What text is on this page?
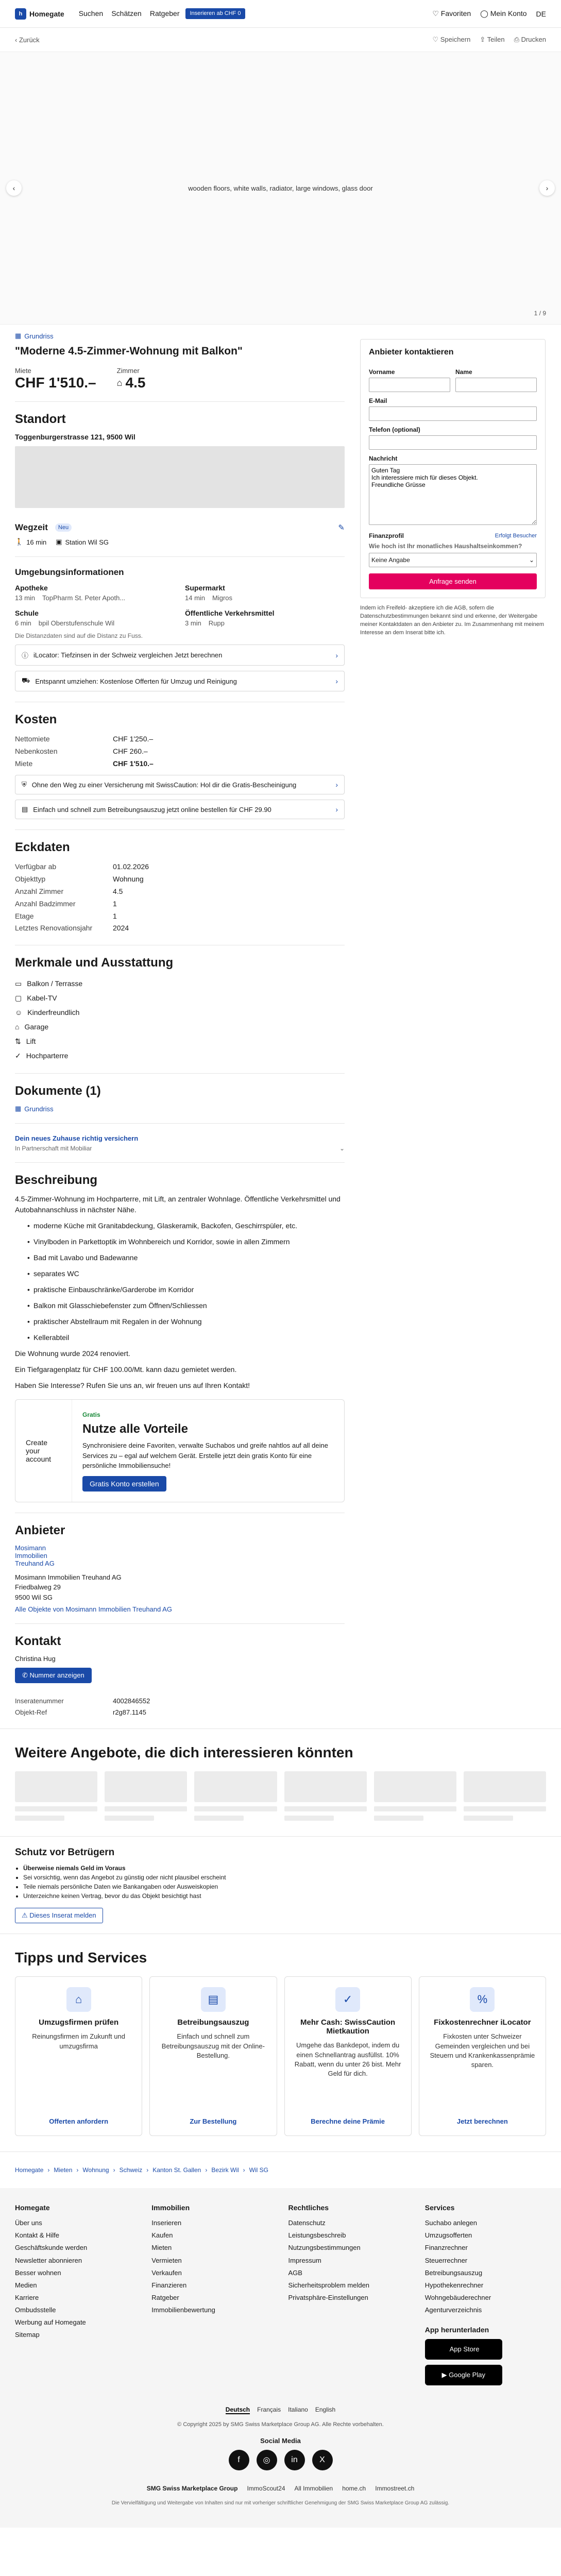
h Homegate Suchen Schätzen Ratgeber	Inserieren ab CHF 0	♡ Favoriten ◯ Mein Konto DE
‹ Zurück	♡ Speichern ⇪ Teilen ⎙ Drucken
wooden floors, white walls, radiator, large windows, glass door
‹	›
1 / 9
▦ Grundriss
"Moderne 4.5-Zimmer-Wohnung mit Balkon"
Miete
CHF 1'510.–
Zimmer
⌂ 4.5
Standort
Toggenburgerstrasse 121, 9500 Wil
Wegzeit	Neu	✎
🚶 16 min ▣ Station Wil SG
Umgebungsinformationen
Apotheke
13 min TopPharm St. Peter Apoth...
Supermarkt
14 min Migros
Schule
6 min bpil Oberstufenschule Wil
Öffentliche Verkehrsmittel
3 min Rupp
Die Distanzdaten sind auf die Distanz zu Fuss.
ⓘ iLocator: Tiefzinsen in der Schweiz vergleichen Jetzt berechnen	›
⛟ Entspannt umziehen: Kostenlose Offerten für Umzug und Reinigung	›
Kosten
Nettomiete	CHF 1'250.–
Nebenkosten	CHF 260.–
Miete	CHF 1'510.–
⛨ Ohne den Weg zu einer Versicherung mit SwissCaution: Hol dir die Gratis-Bescheinigung	›
▤ Einfach und schnell zum Betreibungsauszug jetzt online bestellen für CHF 29.90	›
Eckdaten
Verfügbar ab	01.02.2026
Objekttyp	Wohnung
Anzahl Zimmer	4.5
Anzahl Badzimmer	1
Etage	1
Letztes Renovationsjahr	2024
Merkmale und Ausstattung
▭ Balkon / Terrasse
▢ Kabel-TV
☺ Kinderfreundlich
⌂ Garage
⇅ Lift
✓ Hochparterre
Dokumente (1)
▦ Grundriss
Dein neues Zuhause richtig versichern
In Partnerschaft mit Mobiliar	⌄
Beschreibung

4.5-Zimmer-Wohnung im Hochparterre, mit Lift, an zentraler Wohnlage. Öffentliche Verkehrsmittel und Autobahnanschluss in nächster Nähe.

• moderne Küche mit Granitabdeckung, Glaskeramik, Backofen, Geschirrspüler, etc.
• Vinylboden in Parkettoptik im Wohnbereich und Korridor, sowie in allen Zimmern
• Bad mit Lavabo und Badewanne
• separates WC
• praktische Einbauschränke/Garderobe im Korridor
• Balkon mit Glasschiebefenster zum Öffnen/Schliessen
• praktischer Abstellraum mit Regalen in der Wohnung
• Kellerabteil

Die Wohnung wurde 2024 renoviert.

Ein Tiefgaragenplatz für CHF 100.00/Mt. kann dazu gemietet werden.

Haben Sie Interesse? Rufen Sie uns an, wir freuen uns auf Ihren Kontakt!

Create your account
Gratis
Nutze alle Vorteile

Synchronisiere deine Favoriten, verwalte Suchabos und greife nahtlos auf all deine Services zu – egal auf welchem Gerät. Erstelle jetzt dein gratis Konto für eine persönliche Immobiliensuche!

Gratis Konto erstellen
Anbieter
Mosimann Immobilien Treuhand AG
Mosimann Immobilien Treuhand AG
Friedbalweg 29
9500 Wil SG
Alle Objekte von Mosimann Immobilien Treuhand AG
Kontakt
Christina Hug
✆ Nummer anzeigen
Inseratenummer	4002846552
Objekt-Ref	r2g87.1145
Anbieter kontaktieren
Vorname	Name
E-Mail
Telefon (optional)
Nachricht
Guten Tag Ich interessiere mich für dieses Objekt. Freundliche Grüsse
Finanzprofil	Erfolgt Besucher
Wie hoch ist Ihr monatliches Haushaltseinkommen?
Keine Angabe	⌄
Anfrage senden

Indem ich Freifeld- akzeptiere ich die AGB, sofern die Datenschutzbestimmungen bekannt sind und erkenne, der Weitergabe meiner Kontaktdaten an den Anbieter zu. Im Zusammenhang mit meinem Interesse an dem Inserat bitte ich.

Weitere Angebote, die dich interessieren könnten
Schutz vor Betrügern
• Überweise niemals Geld im Voraus
• Sei vorsichtig, wenn das Angebot zu günstig oder nicht plausibel erscheint
• Teile niemals persönliche Daten wie Bankangaben oder Ausweiskopien
• Unterzeichne keinen Vertrag, bevor du das Objekt besichtigt hast
⚠ Dieses Inserat melden
Tipps und Services
⌂
Umzugsfirmen prüfen

Reinungsfirmen im Zukunft und umzugsfirma

Offerten anfordern
▤
Betreibungsauszug

Einfach und schnell zum Betreibungsauszug mit der Online-Bestellung.

Zur Bestellung
✓
Mehr Cash: SwissCaution Mietkaution

Umgehe das Bankdepot, indem du einen Schnellantrag ausfüllst. 10% Rabatt, wenn du unter 26 bist. Mehr Geld für dich.

Berechne deine Prämie
%
Fixkostenrechner iLocator

Fixkosten unter Schweizer Gemeinden vergleichen und bei Steuern und Krankenkassenprämie sparen.

Jetzt berechnen
Homegate › Mieten › Wohnung › Schweiz › Kanton St. Gallen › Bezirk Wil › Wil SG
Homegate
Über uns
Kontakt & Hilfe
Geschäftskunde werden
Newsletter abonnieren
Besser wohnen
Medien
Karriere
Ombudsstelle
Werbung auf Homegate
Sitemap
Immobilien
Inserieren
Kaufen
Mieten
Vermieten
Verkaufen
Finanzieren
Ratgeber
Immobilienbewertung
Rechtliches
Datenschutz
Leistungsbeschreib
Nutzungsbestimmungen
Impressum
AGB
Sicherheitsproblem melden
Privatsphäre-Einstellungen
Services
Suchabo anlegen
Umzugsofferten
Finanzrechner
Steuerrechner
Betreibungsauszug
Hypothekenrechner
Wohngebäuderechner
Agenturverzeichnis
App herunterladen

App Store
▶
Google Play
Deutsch Français Italiano English
© Copyright 2025 by SMG Swiss Marketplace Group AG. Alle Rechte vorbehalten.
Social Media
f	◎	in	X
SMG Swiss Marketplace Group ImmoScout24 All Immobilien home.ch Immostreet.ch
Die Vervielfältigung und Weitergabe von Inhalten sind nur mit vorheriger schriftlicher Genehmigung der SMG Swiss Marketplace Group AG zulässig.
